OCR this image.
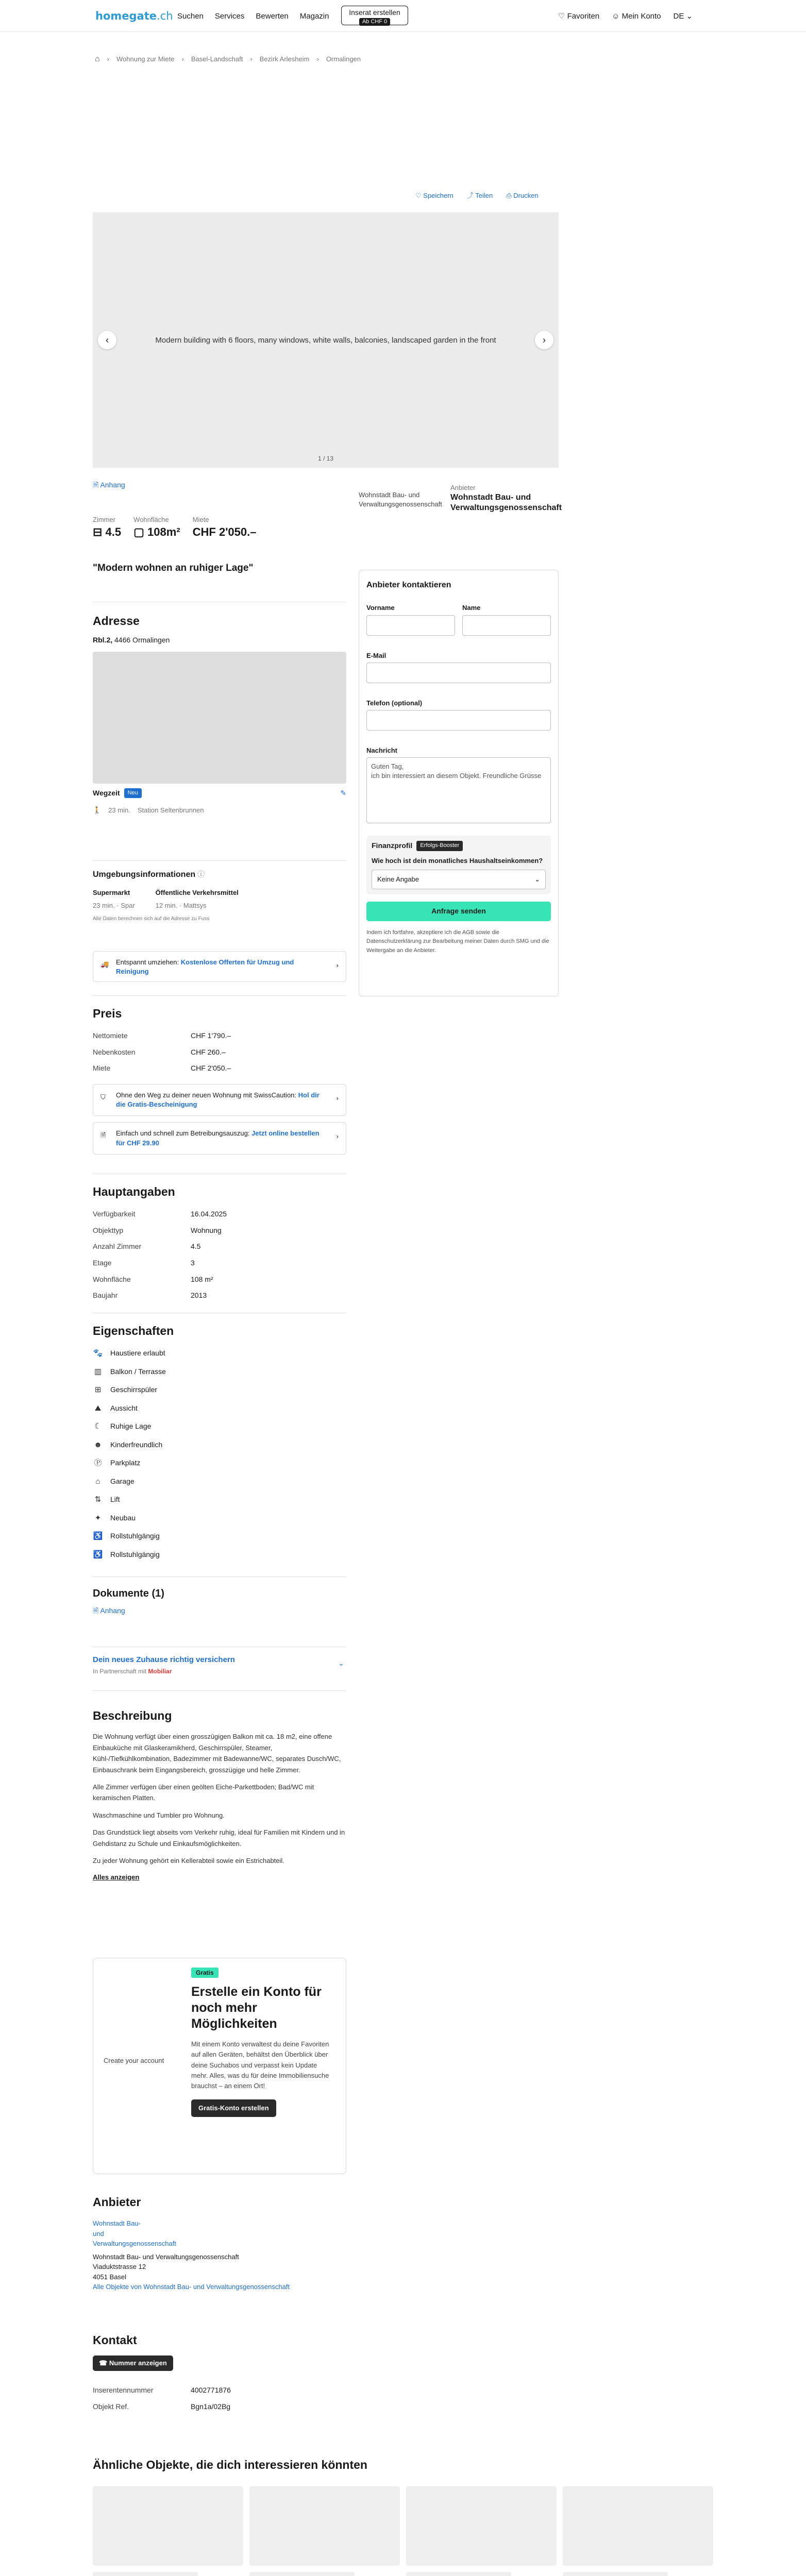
homegate.ch Suchen Services Bewerten Magazin	Inserat erstellen
Ab CHF 0
♡ Favoriten ☺ Mein Konto DE ⌄
⌂ › Wohnung zur Miete › Basel-Landschaft › Bezirk Arlesheim › Ormalingen
♡ Speichern ⤴ Teilen ⎙ Drucken
Modern building with 6 floors, many windows, white walls, balconies, landscaped garden in the front
‹	›
1 / 13
🗎 Anhang
Zimmer
⊟ 4.5
Wohnfläche
▢ 108m²
Miete
CHF 2'050.–
"Modern wohnen an ruhiger Lage"
Adresse
Rbl.2, 4466 Ormalingen
Wegzeit	Neu	✎
🚶 23 min. Station Seltenbrunnen
Umgebungsinformationen ⓘ
Supermarkt
23 min. · Spar
Öffentliche Verkehrsmittel
12 min. · Mattsys
Alle Daten berechnen sich auf die Adresse zu Fuss
🚚 Entspannt umziehen: Kostenlose Offerten für Umzug und Reinigung
›
Preis
Nettomiete	CHF 1'790.–
Nebenkosten	CHF 260.–
Miete	CHF 2'050.–
⛉ Ohne den Weg zu deiner neuen Wohnung mit SwissCaution: Hol dir die Gratis-Bescheinigung
›
🗎 Einfach und schnell zum Betreibungsauszug: Jetzt online bestellen für CHF 29.90
›
Hauptangaben
Verfügbarkeit	16.04.2025
Objekttyp	Wohnung
Anzahl Zimmer	4.5
Etage	3
Wohnfläche	108 m²
Baujahr	2013
Eigenschaften
🐾 Haustiere erlaubt
▥ Balkon / Terrasse
⊞ Geschirrspüler
⛰ Aussicht
☾ Ruhige Lage
☻ Kinderfreundlich
Ⓟ Parkplatz
⌂	Garage
⇅ Lift
✦ Neubau
♿ Rollstuhlgängig
♿ Rollstuhlgängig
Dokumente (1)
🗎 Anhang
Dein neues Zuhause richtig versichern
In Partnerschaft mit Mobiliar
⌄
Beschreibung

Die Wohnung verfügt über einen grosszügigen Balkon mit ca. 18 m2, eine offene Einbauküche mit Glaskeramikherd, Geschirrspüler, Steamer, Kühl-/Tiefkühlkombination, Badezimmer mit Badewanne/WC, separates Dusch/WC, Einbauschrank beim Eingangsbereich, grosszügige und helle Zimmer.

Alle Zimmer verfügen über einen geölten Eiche-Parkettboden; Bad/WC mit keramischen Platten.

Waschmaschine und Tumbler pro Wohnung.

Das Grundstück liegt abseits vom Verkehr ruhig, ideal für Familien mit Kindern und in Gehdistanz zu Schule und Einkaufsmöglichkeiten.

Zu jeder Wohnung gehört ein Kellerabteil sowie ein Estrichabteil.

Alles anzeigen
Create your account
Gratis
Erstelle ein Konto für noch mehr Möglichkeiten

Mit einem Konto verwaltest du deine Favoriten auf allen Geräten, behältst den Überblick über deine Suchabos und verpasst kein Update mehr. Alles, was du für deine Immobiliensuche brauchst – an einem Ort!

Gratis-Konto erstellen
Anbieter
Wohnstadt Bau-
und
Verwaltungsgenossenschaft
Wohnstadt Bau- und Verwaltungsgenossenschaft
Viaduktstrasse 12
4051 Basel
Alle Objekte von Wohnstadt Bau- und Verwaltungsgenossenschaft
Kontakt
☎ Nummer anzeigen
Inserentennummer	4002771876
Objekt Ref.	Bgn1a/02Bg
Wohnstadt Bau- und Verwaltungsgenossenschaft
Anbieter
Wohnstadt Bau- und Verwaltungsgenossenschaft
Anbieter kontaktieren
Vorname	Name
E-Mail
Telefon (optional)
Nachricht
Guten Tag,
ich bin interessiert an diesem Objekt. Freundliche Grüsse
Finanzprofil	Erfolgs-Booster
Wie hoch ist dein monatliches Haushaltseinkommen?
Keine Angabe	⌄
Anfrage senden

Indem ich fortfahre, akzeptiere ich die AGB sowie die Datenschutzerklärung zur Bearbeitung meiner Daten durch SMG und die Weitergabe an die Anbieter.

Ähnliche Objekte, die dich interessieren könnten
